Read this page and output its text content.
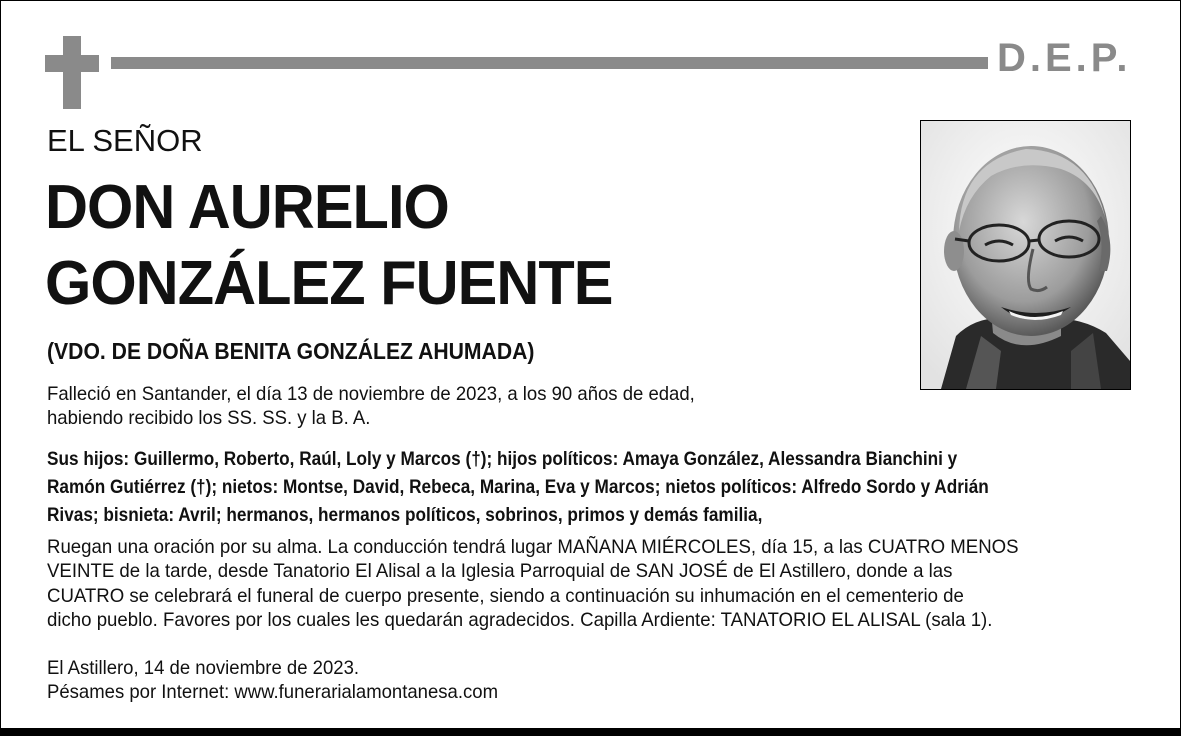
D.E.P.
EL SEÑOR
DON AURELIO
GONZÁLEZ FUENTE
(VDO. DE DOÑA BENITA GONZÁLEZ AHUMADA)

Falleció en Santander, el día 13 de noviembre de 2023, a los 90 años de edad,
habiendo recibido los SS. SS. y la B. A.

Sus hijos: Guillermo, Roberto, Raúl, Loly y Marcos (†); hijos políticos: Amaya González, Alessandra Bianchini y
Ramón Gutiérrez (†); nietos: Montse, David, Rebeca, Marina, Eva y Marcos; nietos políticos: Alfredo Sordo y Adrián
Rivas; bisnieta: Avril; hermanos, hermanos políticos, sobrinos, primos y demás familia,

Ruegan una oración por su alma. La conducción tendrá lugar MAÑANA MIÉRCOLES, día 15, a las CUATRO MENOS
VEINTE de la tarde, desde Tanatorio El Alisal a la Iglesia Parroquial de SAN JOSÉ de El Astillero, donde a las
CUATRO se celebrará el funeral de cuerpo presente, siendo a continuación su inhumación en el cementerio de
dicho pueblo. Favores por los cuales les quedarán agradecidos. Capilla Ardiente: TANATORIO EL ALISAL (sala 1).

El Astillero, 14 de noviembre de 2023.
Pésames por Internet: www.funerarialamontanesa.com
